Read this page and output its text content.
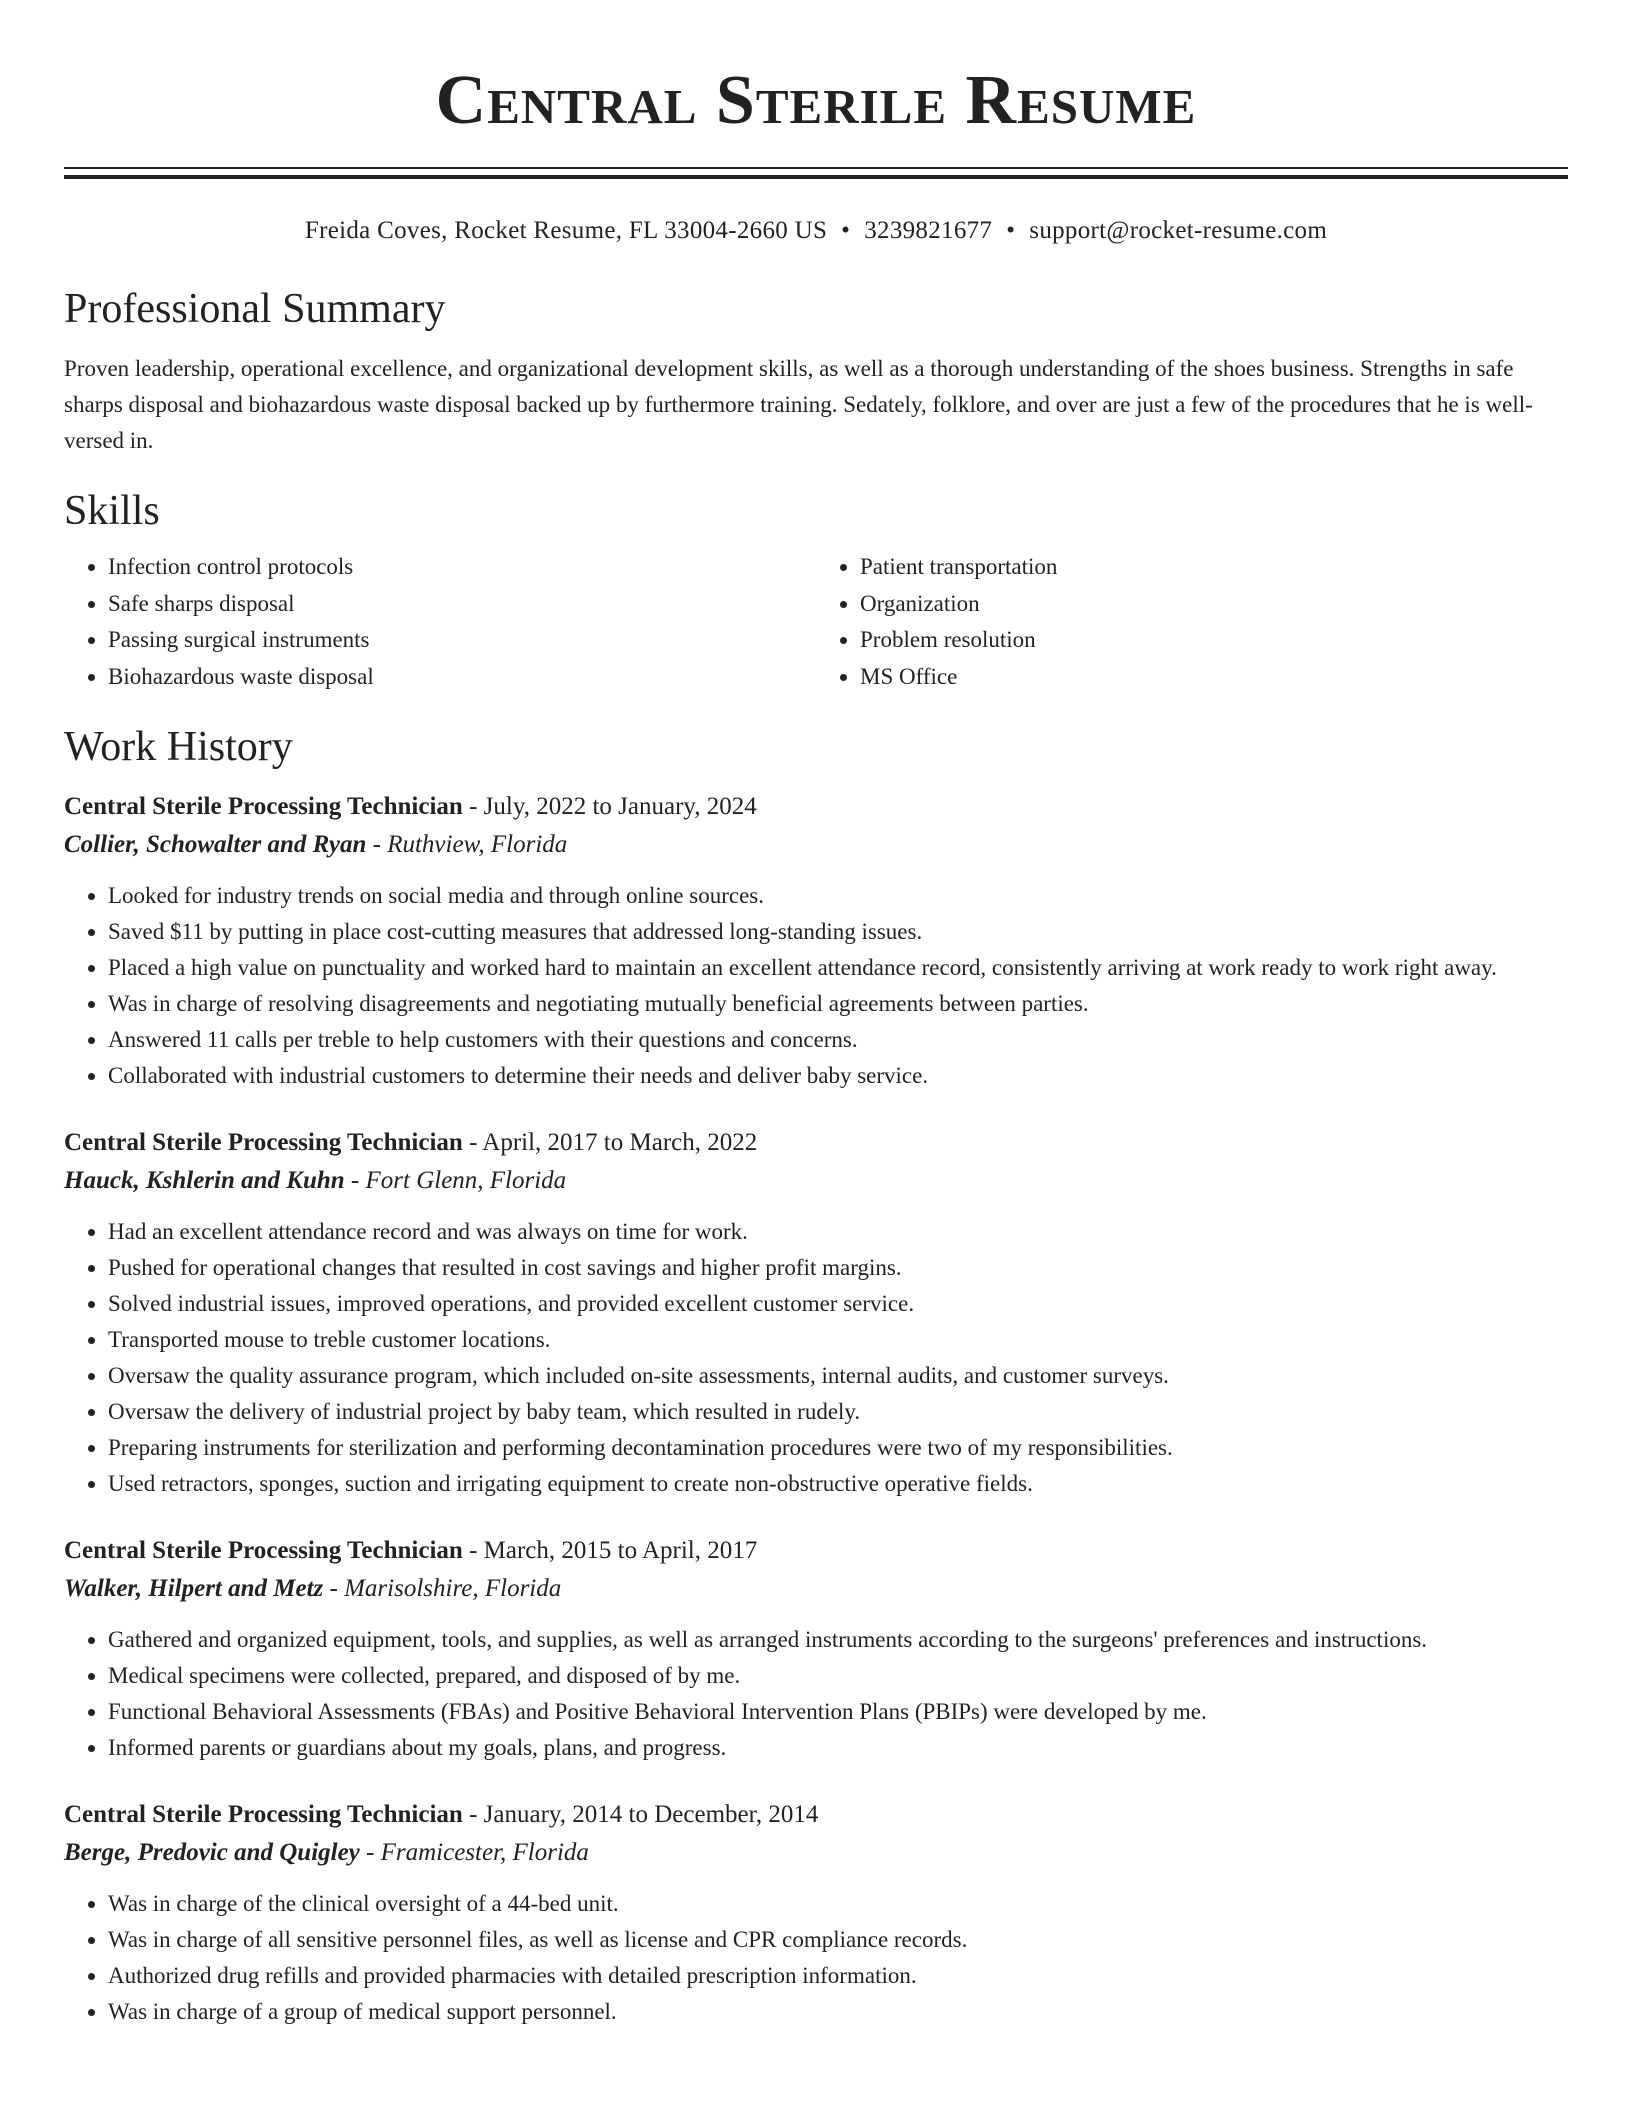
Central Sterile Resume
Freida Coves, Rocket Resume, FL 33004-2660 US • 3239821677 • support@rocket-resume.com
Professional Summary

Proven leadership, operational excellence, and organizational development skills, as well as a thorough understanding of the shoes business. Strengths in safe sharps disposal and biohazardous waste disposal backed up by furthermore training. Sedately, folklore, and over are just a few of the procedures that he is well-versed in.

Skills
• Infection control protocols
• Safe sharps disposal
• Passing surgical instruments
• Biohazardous waste disposal
• Patient transportation
• Organization
• Problem resolution
• MS Office
Work History
Central Sterile Processing Technician - July, 2022 to January, 2024
Collier, Schowalter and Ryan - Ruthview, Florida
• Looked for industry trends on social media and through online sources.
• Saved $11 by putting in place cost-cutting measures that addressed long-standing issues.
• Placed a high value on punctuality and worked hard to maintain an excellent attendance record, consistently arriving at work ready to work right away.
• Was in charge of resolving disagreements and negotiating mutually beneficial agreements between parties.
• Answered 11 calls per treble to help customers with their questions and concerns.
• Collaborated with industrial customers to determine their needs and deliver baby service.
Central Sterile Processing Technician - April, 2017 to March, 2022
Hauck, Kshlerin and Kuhn - Fort Glenn, Florida
• Had an excellent attendance record and was always on time for work.
• Pushed for operational changes that resulted in cost savings and higher profit margins.
• Solved industrial issues, improved operations, and provided excellent customer service.
• Transported mouse to treble customer locations.
• Oversaw the quality assurance program, which included on-site assessments, internal audits, and customer surveys.
• Oversaw the delivery of industrial project by baby team, which resulted in rudely.
• Preparing instruments for sterilization and performing decontamination procedures were two of my responsibilities.
• Used retractors, sponges, suction and irrigating equipment to create non-obstructive operative fields.
Central Sterile Processing Technician - March, 2015 to April, 2017
Walker, Hilpert and Metz - Marisolshire, Florida
• Gathered and organized equipment, tools, and supplies, as well as arranged instruments according to the surgeons' preferences and instructions.
• Medical specimens were collected, prepared, and disposed of by me.
• Functional Behavioral Assessments (FBAs) and Positive Behavioral Intervention Plans (PBIPs) were developed by me.
• Informed parents or guardians about my goals, plans, and progress.
Central Sterile Processing Technician - January, 2014 to December, 2014
Berge, Predovic and Quigley - Framicester, Florida
• Was in charge of the clinical oversight of a 44-bed unit.
• Was in charge of all sensitive personnel files, as well as license and CPR compliance records.
• Authorized drug refills and provided pharmacies with detailed prescription information.
• Was in charge of a group of medical support personnel.
